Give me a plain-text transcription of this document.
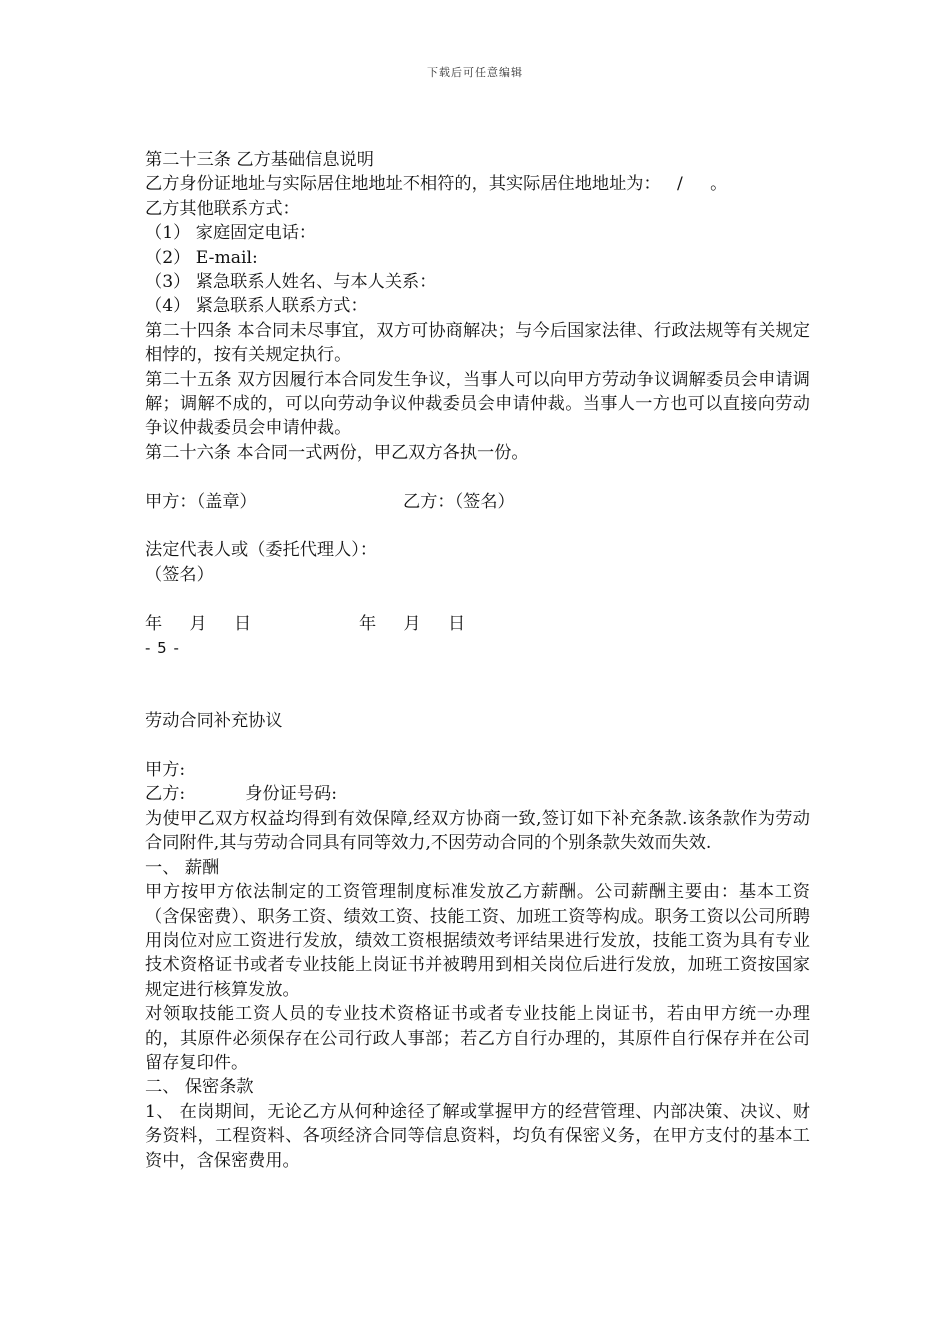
下载后可任意编辑

第二十三条 乙方基础信息说明

乙方身份证地址与实际居住地地址不相符的，其实际居住地地址为：   /     。

乙方其他联系方式：

（1） 家庭固定电话：

（2） E-mail:

（3） 紧急联系人姓名、与本人关系：

（4） 紧急联系人联系方式：

第二十四条 本合同未尽事宜，双方可协商解决；与今后国家法律、行政法规等有关规定相悖的，按有关规定执行。

第二十五条 双方因履行本合同发生争议，当事人可以向甲方劳动争议调解委员会申请调解；调解不成的，可以向劳动争议仲裁委员会申请仲裁。当事人一方也可以直接向劳动争议仲裁委员会申请仲裁。

第二十六条 本合同一式两份，甲乙双方各执一份。

甲方：（盖章）	乙方：（签名）

法定代表人或（委托代理人）：

（签名）

年     月     日	年     月     日

- 5 -

劳动合同补充协议

甲方:

乙方:           身份证号码:

为使甲乙双方权益均得到有效保障,经双方协商一致,签订如下补充条款.该条款作为劳动合同附件,其与劳动合同具有同等效力,不因劳动合同的个别条款失效而失效.

一、 薪酬

甲方按甲方依法制定的工资管理制度标准发放乙方薪酬。公司薪酬主要由：基本工资（含保密费）、职务工资、绩效工资、技能工资、加班工资等构成。职务工资以公司所聘用岗位对应工资进行发放，绩效工资根据绩效考评结果进行发放，技能工资为具有专业技术资格证书或者专业技能上岗证书并被聘用到相关岗位后进行发放，加班工资按国家规定进行核算发放。

对领取技能工资人员的专业技术资格证书或者专业技能上岗证书，若由甲方统一办理的，其原件必须保存在公司行政人事部；若乙方自行办理的，其原件自行保存并在公司留存复印件。

二、 保密条款

1、 在岗期间，无论乙方从何种途径了解或掌握甲方的经营管理、内部决策、决议、财务资料，工程资料、各项经济合同等信息资料，均负有保密义务，在甲方支付的基本工资中，含保密费用。
